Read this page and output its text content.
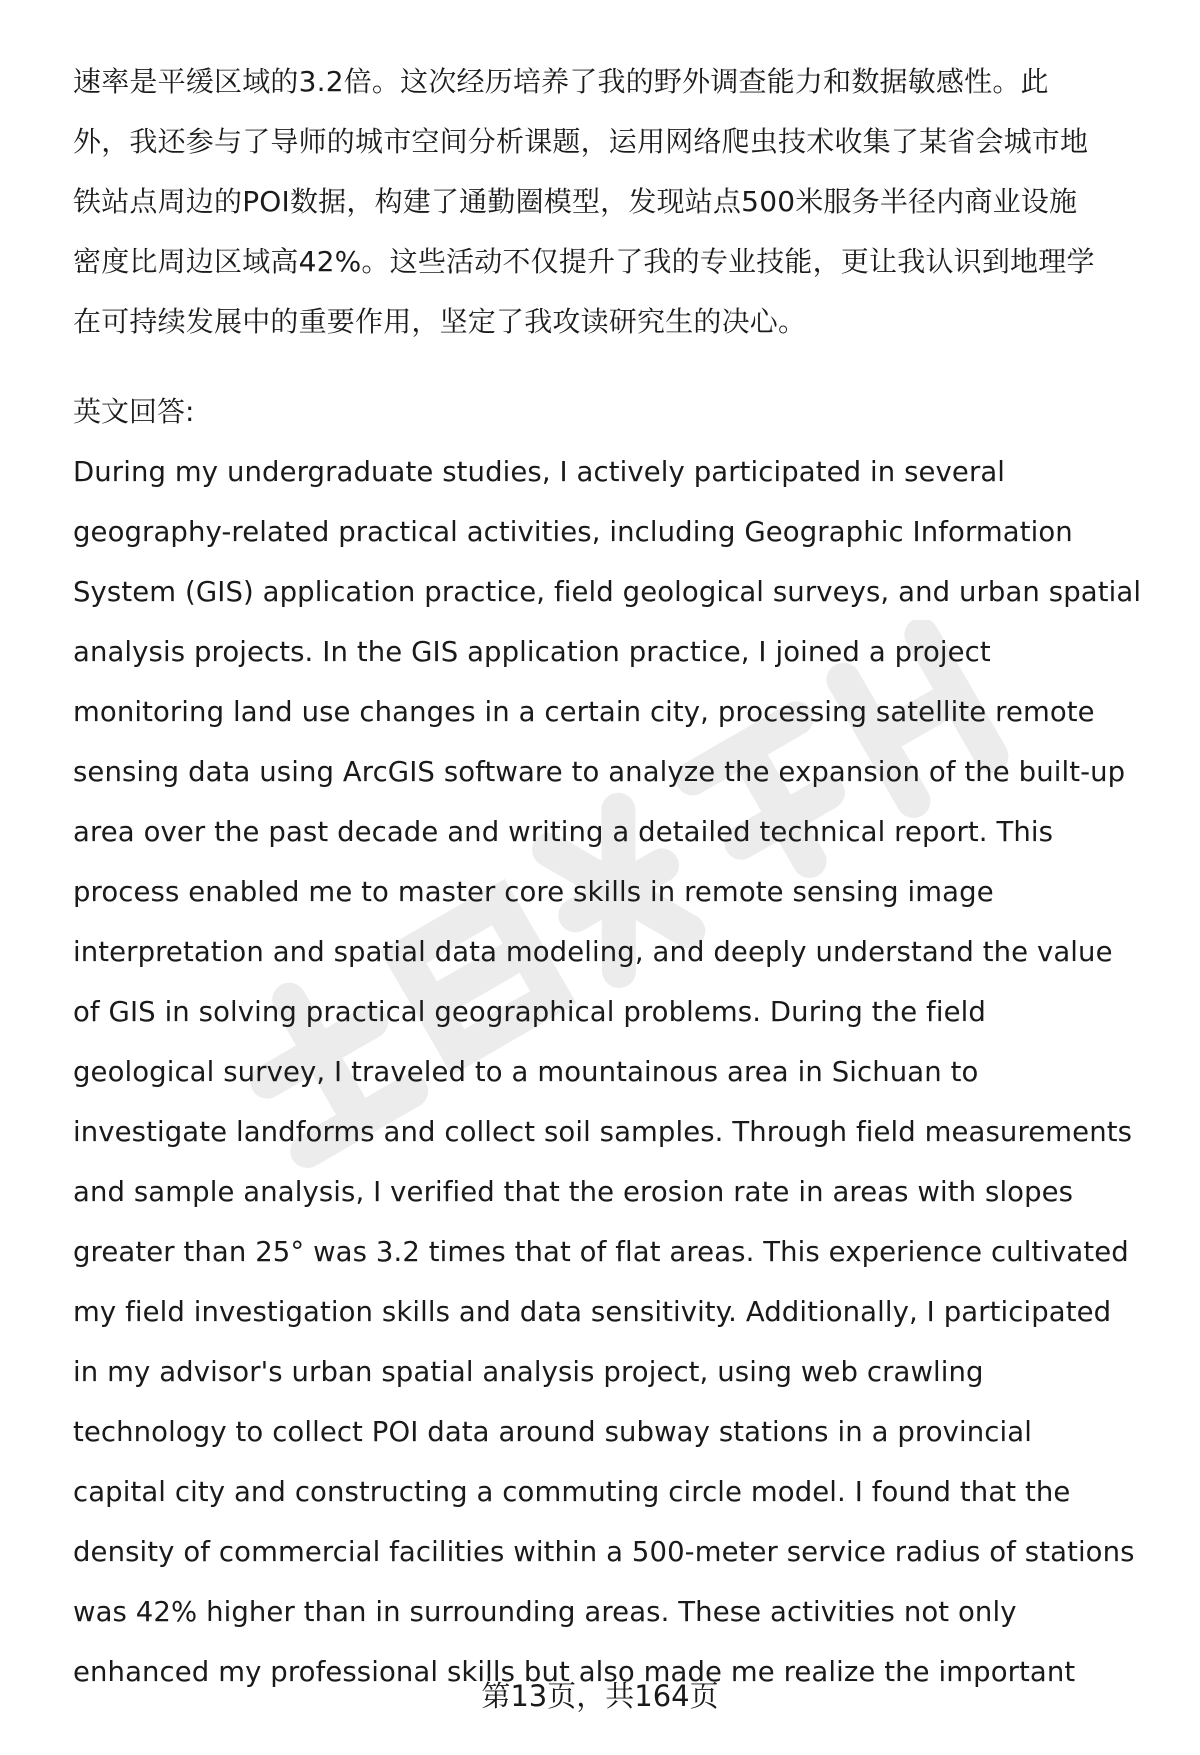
速率是平缓区域的3.2倍。这次经历培养了我的野外调查能力和数据敏感性。此
外，我还参与了导师的城市空间分析课题，运用网络爬虫技术收集了某省会城市地
铁站点周边的POI数据，构建了通勤圈模型，发现站点500米服务半径内商业设施
密度比周边区域高42%。这些活动不仅提升了我的专业技能，更让我认识到地理学
在可持续发展中的重要作用，坚定了我攻读研究生的决心。
英文回答:
During my undergraduate studies, I actively participated in several
geography-related practical activities, including Geographic Information
System (GIS) application practice, field geological surveys, and urban spatial
analysis projects. In the GIS application practice, I joined a project
monitoring land use changes in a certain city, processing satellite remote
sensing data using ArcGIS software to analyze the expansion of the built-up
area over the past decade and writing a detailed technical report. This
process enabled me to master core skills in remote sensing image
interpretation and spatial data modeling, and deeply understand the value
of GIS in solving practical geographical problems. During the field
geological survey, I traveled to a mountainous area in Sichuan to
investigate landforms and collect soil samples. Through field measurements
and sample analysis, I verified that the erosion rate in areas with slopes
greater than 25° was 3.2 times that of flat areas. This experience cultivated
my field investigation skills and data sensitivity. Additionally, I participated
in my advisor's urban spatial analysis project, using web crawling
technology to collect POI data around subway stations in a provincial
capital city and constructing a commuting circle model. I found that the
density of commercial facilities within a 500-meter service radius of stations
was 42% higher than in surrounding areas. These activities not only
enhanced my professional skills but also made me realize the important
第13页，共164页
